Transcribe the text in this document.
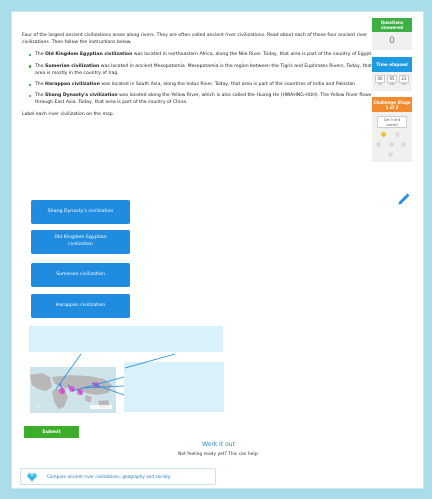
Four of the largest ancient civilizations arose along rivers. They are often called ancient river civilizations. Read about each of these four ancient river civilizations. Then follow the instructions below.

The Old Kingdom Egyptian civilization was located in northeastern Africa, along the Nile River. Today, that area is part of the country of Egypt.
The Sumerian civilization was located in ancient Mesopotamia. Mesopotamia is the region between the Tigris and Euphrates Rivers. Today, that area is mostly in the country of Iraq.
The Harappan civilization was located in South Asia, along the Indus River. Today, that area is part of the countries of India and Pakistan.
The Shang Dynasty's civilization was located along the Yellow River, which is also called the Huang He (HWAHNG-HUH). The Yellow River flows through East Asia. Today, that area is part of the country of China.

Label each river civilization on the map.

Shang Dynasty's civilization
Old Kingdom Egyptian civilization
Sumerian civilization
Harappan civilization
✛
Submit
Work it out
Not feeling ready yet? This can help:
Compare ancient river civilizations: geography and society
Questions answered
0
Time elapsed
00
HR
05
MIN
23
SEC
Challenge Stage 1 of 2
Get 5 of 6 correct
